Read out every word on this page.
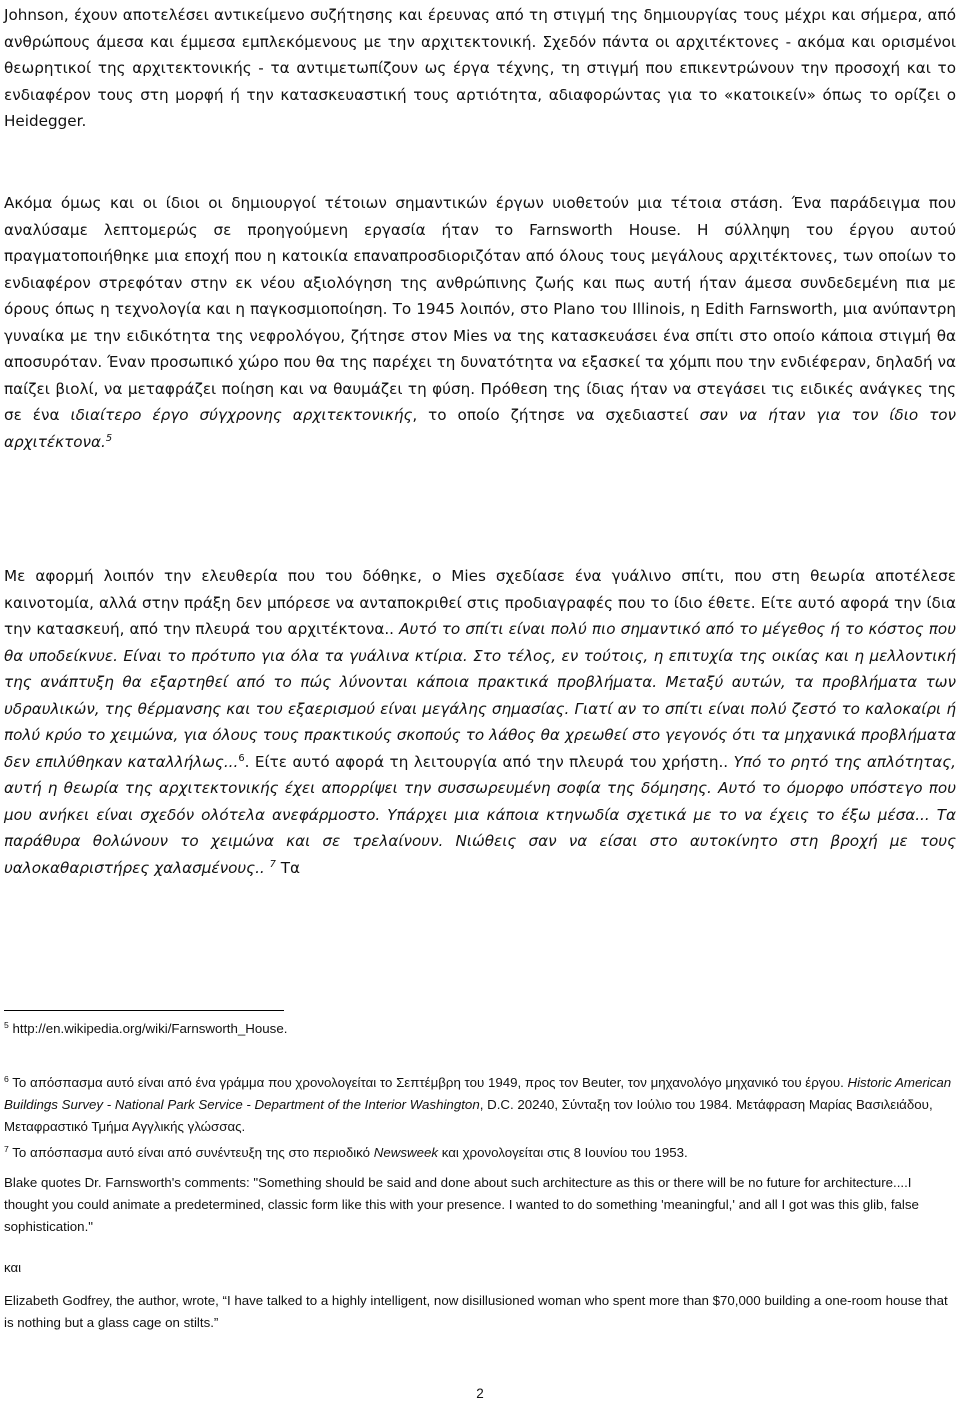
Johnson, έχουν αποτελέσει αντικείμενο συζήτησης και έρευνας από τη στιγμή της δημιουργίας τους μέχρι και σήμερα, από ανθρώπους άμεσα και έμμεσα εμπλεκόμενους με την αρχιτεκτονική. Σχεδόν πάντα οι αρχιτέκτονες - ακόμα και ορισμένοι θεωρητικοί της αρχιτεκτονικής - τα αντιμετωπίζουν ως έργα τέχνης, τη στιγμή που επικεντρώνουν την προσοχή και το ενδιαφέρον τους στη μορφή ή την κατασκευαστική τους αρτιότητα, αδιαφορώντας για το «κατοικείν» όπως το ορίζει ο Heidegger.

Ακόμα όμως και οι ίδιοι οι δημιουργοί τέτοιων σημαντικών έργων υιοθετούν μια τέτοια στάση. Ένα παράδειγμα που αναλύσαμε λεπτομερώς σε προηγούμενη εργασία ήταν το Farnsworth House. Η σύλληψη του έργου αυτού πραγματοποιήθηκε μια εποχή που η κατοικία επαναπροσδιοριζόταν από όλους τους μεγάλους αρχιτέκτονες, των οποίων το ενδιαφέρον στρεφόταν στην εκ νέου αξιολόγηση της ανθρώπινης ζωής και πως αυτή ήταν άμεσα συνδεδεμένη πια με όρους όπως η τεχνολογία και η παγκοσμιοποίηση. Το 1945 λοιπόν, στο Plano του Illinois, η Edith Farnsworth, μια ανύπαντρη γυναίκα με την ειδικότητα της νεφρολόγου, ζήτησε στον Mies να της κατασκευάσει ένα σπίτι στο οποίο κάποια στιγμή θα αποσυρόταν. Έναν προσωπικό χώρο που θα της παρέχει τη δυνατότητα να εξασκεί τα χόμπι που την ενδιέφεραν, δηλαδή να παίζει βιολί, να μεταφράζει ποίηση και να θαυμάζει τη φύση. Πρόθεση της ίδιας ήταν να στεγάσει τις ειδικές ανάγκες της σε ένα ιδιαίτερο έργο σύγχρονης αρχιτεκτονικής, το οποίο ζήτησε να σχεδιαστεί σαν να ήταν για τον ίδιο τον αρχιτέκτονα.$^5$

Με αφορμή λοιπόν την ελευθερία που του δόθηκε, ο Mies σχεδίασε ένα γυάλινο σπίτι, που στη θεωρία αποτέλεσε καινοτομία, αλλά στην πράξη δεν μπόρεσε να ανταποκριθεί στις προδιαγραφές που το ίδιο έθετε. Είτε αυτό αφορά την ίδια την κατασκευή, από την πλευρά του αρχιτέκτονα.. Αυτό το σπίτι είναι πολύ πιο σημαντικό από το μέγεθος ή το κόστος που θα υποδείκνυε. Είναι το πρότυπο για όλα τα γυάλινα κτίρια. Στο τέλος, εν τούτοις, η επιτυχία της οικίας και η μελλοντική της ανάπτυξη θα εξαρτηθεί από το πώς λύνονται κάποια πρακτικά προβλήματα. Μεταξύ αυτών, τα προβλήματα των υδραυλικών, της θέρμανσης και του εξαερισμού είναι μεγάλης σημασίας. Γιατί αν το σπίτι είναι πολύ ζεστό το καλοκαίρι ή πολύ κρύο το χειμώνα, για όλους τους πρακτικούς σκοπούς το λάθος θα χρεωθεί στο γεγονός ότι τα μηχανικά προβλήματα δεν επιλύθηκαν καταλλήλως...$^6$. Είτε αυτό αφορά τη λειτουργία από την πλευρά του χρήστη.. Υπό το ρητό της απλότητας, αυτή η θεωρία της αρχιτεκτονικής έχει απορρίψει την συσσωρευμένη σοφία της δόμησης. Αυτό το όμορφο υπόστεγο που μου ανήκει είναι σχεδόν ολότελα ανεφάρμοστο. Υπάρχει μια κάποια κτηνωδία σχετικά με το να έχεις το έξω μέσα... Τα παράθυρα θολώνουν το χειμώνα και σε τρελαίνουν. Νιώθεις σαν να είσαι στο αυτοκίνητο στη βροχή με τους υαλοκαθαριστήρες χαλασμένους.. $^7$ Τα

$^5$ http://en.wikipedia.org/wiki/Farnsworth_House.

$^6$ Το απόσπασμα αυτό είναι από ένα γράμμα που χρονολογείται το Σεπτέμβρη του 1949, προς τον Beuter, τον μηχανολόγο μηχανικό του έργου. Historic American Buildings Survey - National Park Service - Department of the Interior Washington, D.C. 20240, Σύνταξη τον Ιούλιο του 1984. Μετάφραση Μαρίας Βασιλειάδου, Μεταφραστικό Τμήμα Αγγλικής γλώσσας.

$^7$ Το απόσπασμα αυτό είναι από συνέντευξη της στο περιοδικό Newsweek και χρονολογείται στις 8 Ιουνίου του 1953.

Blake quotes Dr. Farnsworth's comments: "Something should be said and done about such architecture as this or there will be no future for architecture....I thought you could animate a predetermined, classic form like this with your presence. I wanted to do something 'meaningful,' and all I got was this glib, false sophistication."

και

Elizabeth Godfrey, the author, wrote, “I have talked to a highly intelligent, now disillusioned woman who spent more than $70,000 building a one-room house that is nothing but a glass cage on stilts.”

2
